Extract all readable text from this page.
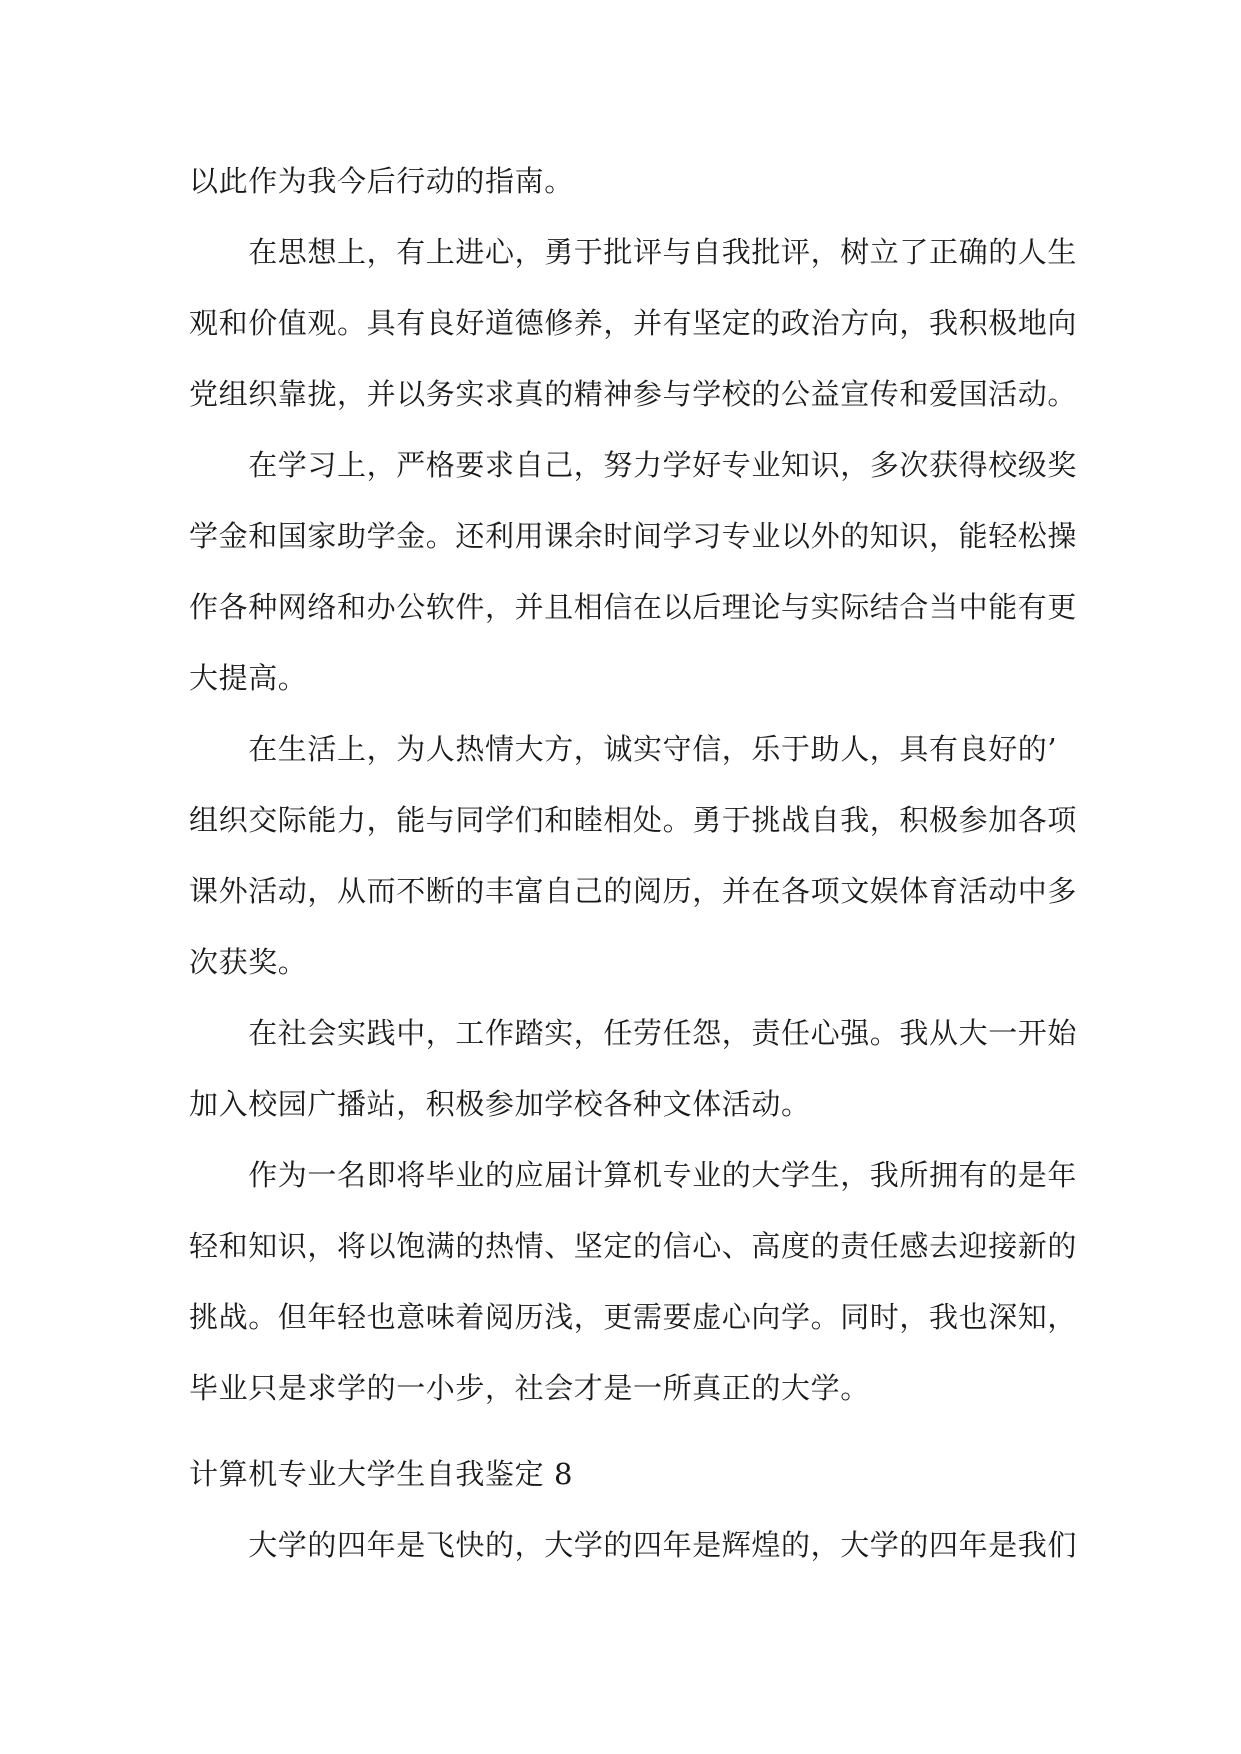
以此作为我今后行动的指南。
　　在思想上，有上进心，勇于批评与自我批评，树立了正确的人生
观和价值观。具有良好道德修养，并有坚定的政治方向，我积极地向
党组织靠拢，并以务实求真的精神参与学校的公益宣传和爱国活动。
　　在学习上，严格要求自己，努力学好专业知识，多次获得校级奖
学金和国家助学金。还利用课余时间学习专业以外的知识，能轻松操
作各种网络和办公软件，并且相信在以后理论与实际结合当中能有更
大提高。
　　在生活上，为人热情大方，诚实守信，乐于助人，具有良好的’
组织交际能力，能与同学们和睦相处。勇于挑战自我，积极参加各项
课外活动，从而不断的丰富自己的阅历，并在各项文娱体育活动中多
次获奖。
　　在社会实践中，工作踏实，任劳任怨，责任心强。我从大一开始
加入校园广播站，积极参加学校各种文体活动。
　　作为一名即将毕业的应届计算机专业的大学生，我所拥有的是年
轻和知识，将以饱满的热情、坚定的信心、高度的责任感去迎接新的
挑战。但年轻也意味着阅历浅，更需要虚心向学。同时，我也深知，
毕业只是求学的一小步，社会才是一所真正的大学。
计算机专业大学生自我鉴定 8
　　大学的四年是飞快的，大学的四年是辉煌的，大学的四年是我们
